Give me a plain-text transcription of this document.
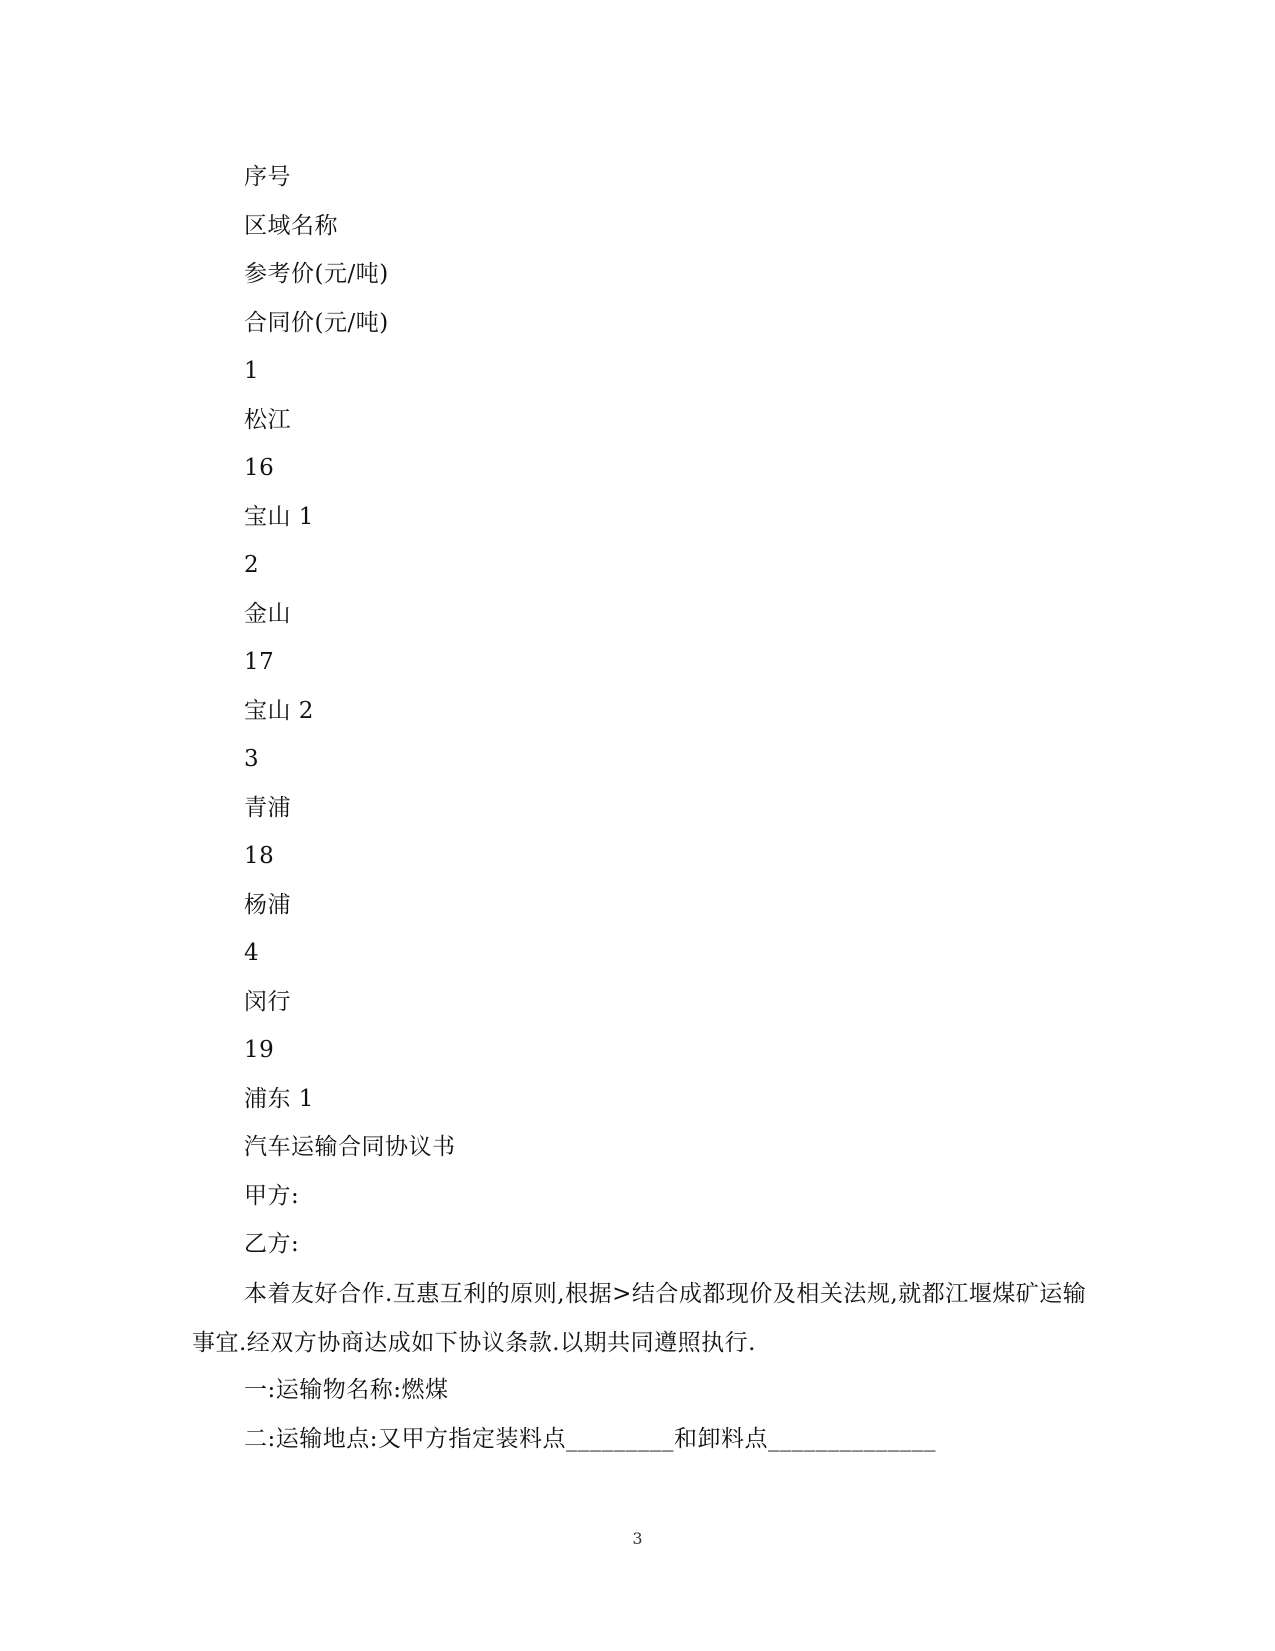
序号
区域名称
参考价(元/吨)
合同价(元/吨)
1
松江
16
宝山 1
2
金山
17
宝山 2
3
青浦
18
杨浦
4
闵行
19
浦东 1
汽车运输合同协议书
甲方:
乙方:
本着友好合作.互惠互利的原则,根据>结合成都现价及相关法规,就都江堰煤矿运输事宜.经双方协商达成如下协议条款.以期共同遵照执行.
一:运输物名称:燃煤
二:运输地点:又甲方指定装料点_________和卸料点______________
3
